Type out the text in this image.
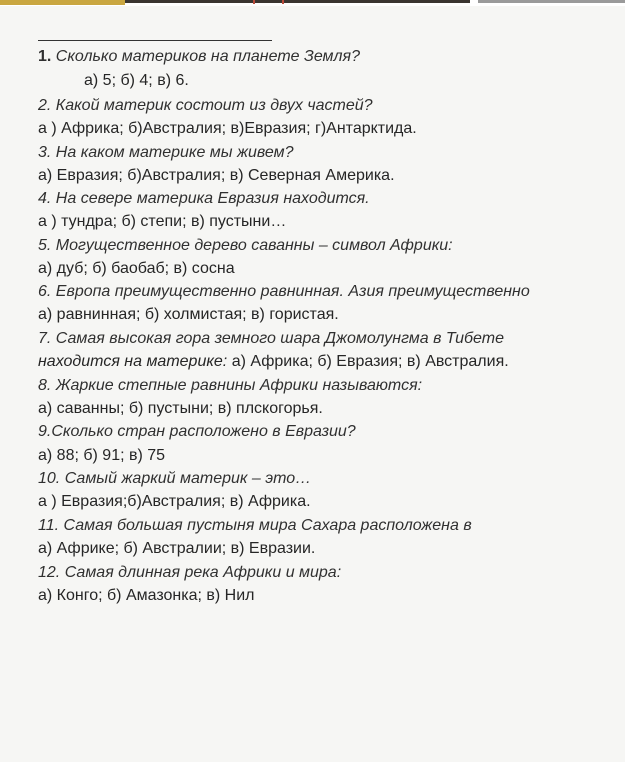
1. Сколько материков на планете Земля?
а) 5; б) 4; в) 6.
2. Какой материк состоит из двух частей?
а ) Африка; б)Австралия; в)Евразия; г)Антарктида.
3. На каком материке мы живем?
а) Евразия; б)Австралия; в) Северная Америка.
4. На севере материка Евразия находится.
а ) тундра; б) степи; в) пустыни…
5. Могущественное дерево саванны – символ Африки:
а) дуб; б) баобаб; в) сосна
6. Европа преимущественно равнинная. Азия преимущественно
а) равнинная; б) холмистая; в) гористая.
7. Самая высокая гора земного шара Джомолунгма в Тибете
находится на материке: а) Африка; б) Евразия; в) Австралия.
8. Жаркие степные равнины Африки называются:
а) саванны; б) пустыни; в) плскогорья.
9.Сколько стран расположено в Евразии?
а) 88; б) 91; в) 75
10. Самый жаркий материк – это…
а ) Евразия;б)Австралия; в) Африка.
11. Самая большая пустыня мира Сахара расположена в
а) Африке; б) Австралии; в) Евразии.
12. Самая длинная река Африки и мира:
а) Конго; б) Амазонка; в) Нил
